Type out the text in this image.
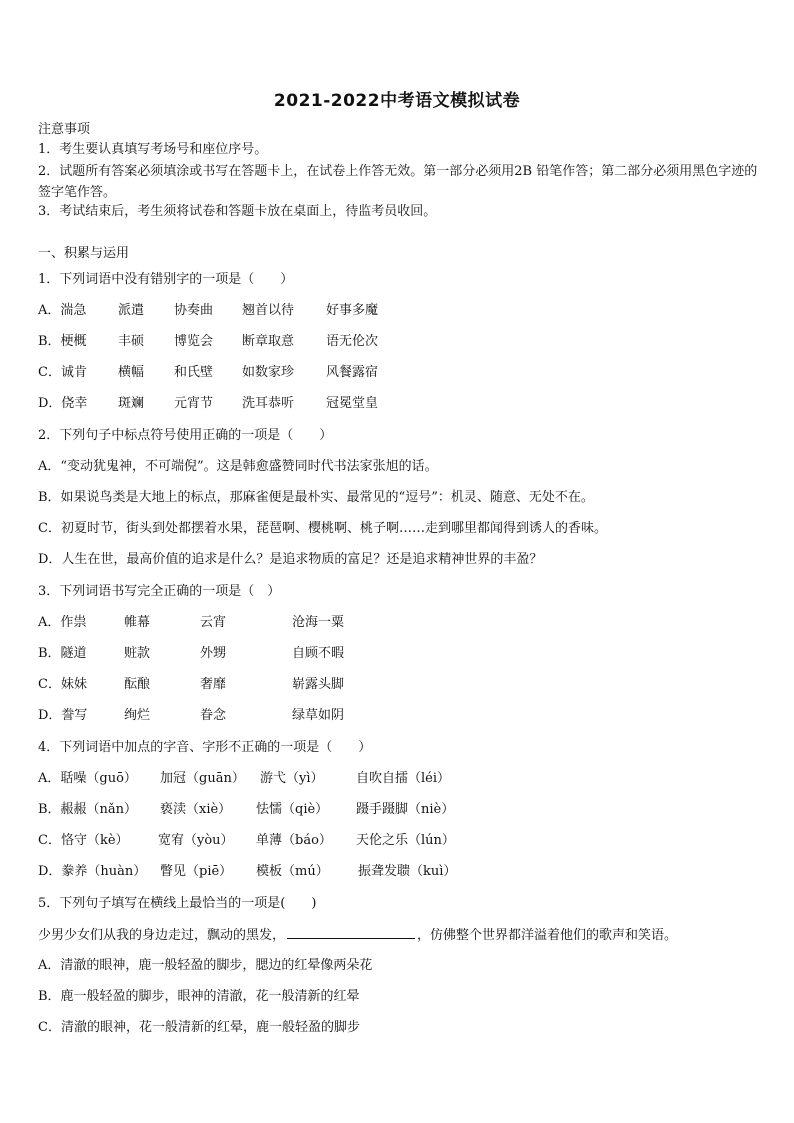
2021-2022中考语文模拟试卷
注意事项
1．考生要认真填写考场号和座位序号。
2．试题所有答案必须填涂或书写在答题卡上，在试卷上作答无效。第一部分必须用2B 铅笔作答；第二部分必须用黑色字迹的签字笔作答。
3．考试结束后，考生须将试卷和答题卡放在桌面上，待监考员收回。
一、积累与运用
1．下列词语中没有错别字的一项是（　　）
A．湍急 派遣 协奏曲 翘首以待 好事多魔
B．梗概 丰硕 博览会 断章取意 语无伦次
C．诚肯 横幅 和氏壁 如数家珍 风餐露宿
D．侥幸 斑斓 元宵节 洗耳恭听 冠冕堂皇
2．下列句子中标点符号使用正确的一项是（　　）
A．“变动犹鬼神，不可端倪”。这是韩愈盛赞同时代书法家张旭的话。
B．如果说鸟类是大地上的标点，那麻雀便是最朴实、最常见的“逗号”：机灵、随意、无处不在。
C．初夏时节，街头到处都摆着水果，琵琶啊、樱桃啊、桃子啊……走到哪里都闻得到诱人的香味。
D．人生在世，最高价值的追求是什么？是追求物质的富足？还是追求精神世界的丰盈？
3．下列词语书写完全正确的一项是（　）
A．作祟	帷幕	云宵	沧海一粟
B．隧道	赃款	外甥	自顾不暇
C．妹妹	酝酿	奢靡	崭露头脚
D．誊写	绚烂	眷念	绿草如阴
4．下列词语中加点的字音、字形不正确的一项是（　　）
A．聒噪（guō） 加冠（guān） 游弋（yì） 自吹自擂（léi）
B．赧赧（nǎn） 亵渎（xiè） 怯懦（qiè） 蹑手蹑脚（niè）
C．恪守（kè） 宽宥（yòu） 单薄（báo） 天伦之乐（lún）
D．豢养（huàn） 瞥见（piē） 模板（mú） 振聋发聩（kuì）
5．下列句子填写在横线上最恰当的一项是(　　)
少男少女们从我的身边走过，飘动的黑发，	，仿佛整个世界都洋溢着他们的歌声和笑语。
A．清澈的眼神，鹿一般轻盈的脚步，腮边的红晕像两朵花
B．鹿一般轻盈的脚步，眼神的清澈，花一般清新的红晕
C．清澈的眼神，花一般清新的红晕，鹿一般轻盈的脚步
